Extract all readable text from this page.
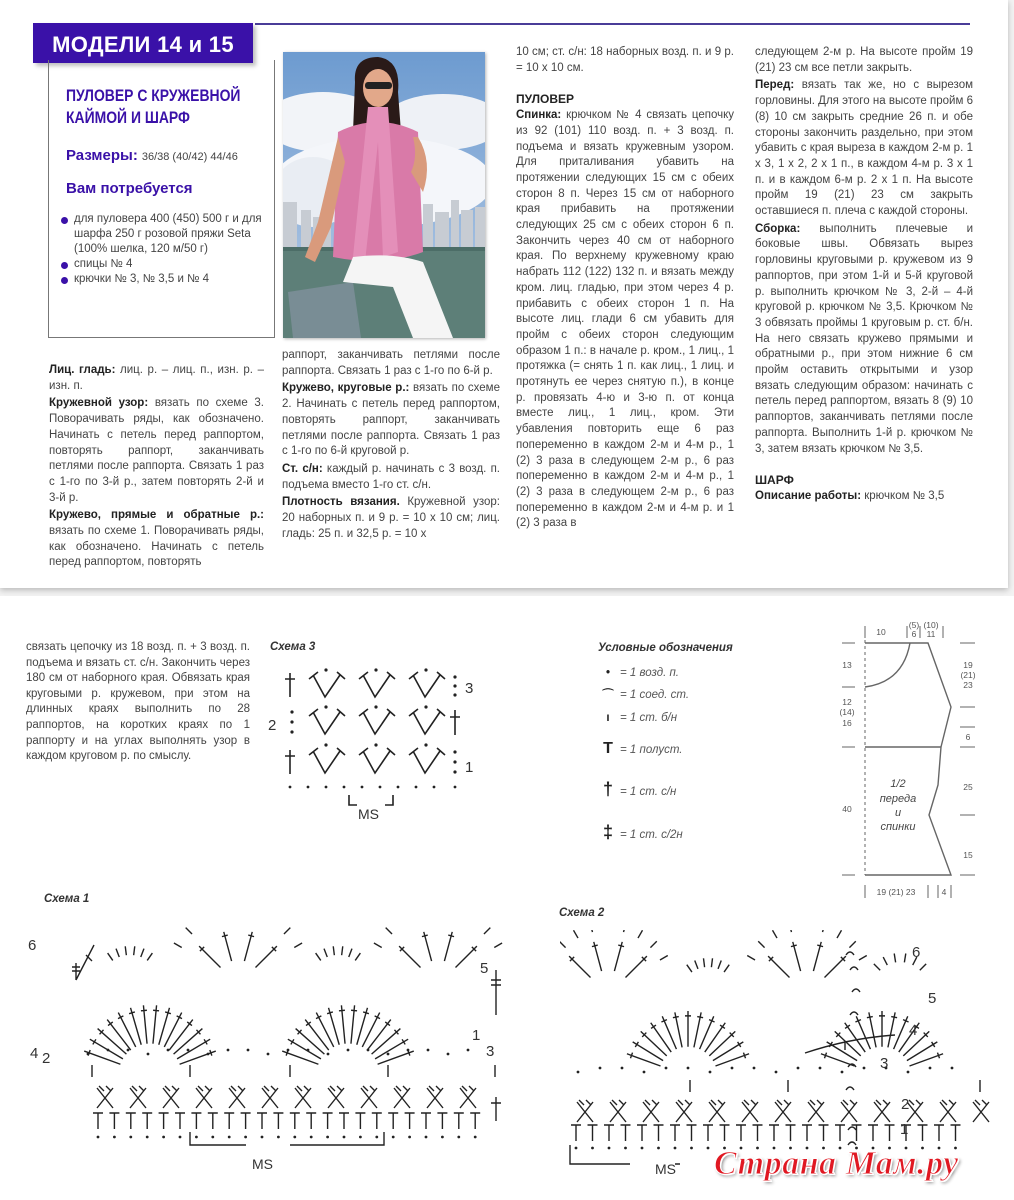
МОДЕЛИ 14 и 15
ПУЛОВЕР С КРУЖЕВНОЙ
КАЙМОЙ И ШАРФ
Размеры: 36/38 (40/42) 44/46
Вам потребуется
для пуловера 400 (450) 500 г и для шарфа 250 г розовой пряжи Seta (100% шелка, 120 м/50 г)
спицы № 4
крючки № 3, № 3,5 и № 4

Лиц. гладь: лиц. р. – лиц. п., изн. р. – изн. п.

Кружевной узор: вязать по схеме 3. Поворачивать ряды, как обозначено. Начинать с петель перед раппортом, повторять раппорт, заканчивать петлями после раппорта. Связать 1 раз с 1-го по 3-й р., затем повторять 2-й и 3-й р.

Кружево, прямые и обратные р.: вязать по схеме 1. Поворачивать ряды, как обозначено. Начинать с петель перед раппортом, повторять

раппорт, заканчивать петлями после раппорта. Связать 1 раз с 1-го по 6-й р.

Кружево, круговые р.: вязать по схеме 2. Начинать с петель перед раппортом, повторять раппорт, заканчивать петлями после раппорта. Связать 1 раз с 1-го по 6-й круговой р.

Ст. с/н: каждый р. начинать с 3 возд. п. подъема вместо 1-го ст. с/н.

Плотность вязания. Кружевной узор: 20 наборных п. и 9 р. = 10 х 10 см; лиц. гладь: 25 п. и 32,5 р. = 10 х

10 см; ст. с/н: 18 наборных возд. п. и 9 р. = 10 х 10 см.

ПУЛОВЕР

Спинка: крючком № 4 связать цепочку из 92 (101) 110 возд. п. + 3 возд. п. подъема и вязать кружевным узором. Для приталивания убавить на протяжении следующих 15 см с обеих сторон 8 п. Через 15 см от наборного края прибавить на протяжении следующих 25 см с обеих сторон 6 п. Закончить через 40 см от наборного края. По верхнему кружевному краю набрать 112 (122) 132 п. и вязать между кром. лиц. гладью, при этом через 4 р. прибавить с обеих сторон 1 п. На высоте лиц. глади 6 см убавить для пройм с обеих сторон следующим образом 1 п.: в начале р. кром., 1 лиц., 1 протяжка (= снять 1 п. как лиц., 1 лиц. и протянуть ее через снятую п.), в конце р. провязать 4-ю и 3-ю п. от конца вместе лиц., 1 лиц., кром. Эти убавления повторить еще 6 раз попеременно в каждом 2-м и 4-м р., 1 (2) 3 раза в следующем 2-м р., 6 раз попеременно в каждом 2-м и 4-м р., 1 (2) 3 раза в следующем 2-м р., 6 раз попеременно в каждом 2-м и 4-м р. и 1 (2) 3 раза в

следующем 2-м р. На высоте пройм 19 (21) 23 см все петли закрыть.

Перед: вязать так же, но с вырезом горловины. Для этого на высоте пройм 6 (8) 10 см закрыть средние 26 п. и обе стороны закончить раздельно, при этом убавить с края выреза в каждом 2-м р. 1 х 3, 1 х 2, 2 х 1 п., в каждом 4-м р. 3 х 1 п. и в каждом 6-м р. 2 х 1 п. На высоте пройм 19 (21) 23 см закрыть оставшиеся п. плеча с каждой стороны.

Сборка: выполнить плечевые и боковые швы. Обвязать вырез горловины круговыми р. кружевом из 9 раппортов, при этом 1-й и 5-й круговой р. выполнить крючком № 3, 2-й – 4-й круговой р. крючком № 3,5. Крючком № 3 обвязать проймы 1 круговым р. ст. б/н. На него связать кружево прямыми и обратными р., при этом нижние 6 см пройм оставить открытыми и узор вязать следующим образом: начинать с петель перед раппортом, вязать 8 (9) 10 раппортов, заканчивать петлями после раппорта. Выполнить 1-й р. крючком № 3, затем вязать крючком № 3,5.

ШАРФ

Описание работы: крючком № 3,5

связать цепочку из 18 возд. п. + 3 возд. п. подъема и вязать ст. с/н. Закончить через 180 см от наборного края. Обвязать края круговыми р. кружевом, при этом на длинных краях выполнить по 28 раппортов, на коротких краях по 1 раппорту и на углах выполнять узор в каждом круговом р. по смыслу.
Схема 3
3
2
1
MS
Условные обозначения
• = 1 возд. п.
⌒ = 1 соед. ст.
ı = 1 ст. б/н
T = 1 полуст.
† = 1 ст. с/н
‡ = 1 ст. с/2н
10
(5)
6
(10)
11
13
12
(14)
16
40
19
(21)
23
6
25
15
19 (21) 23	4
1/2
переда
и
спинки
Схема 1
1
2	3
4
5
6
MS
Схема 2
1
2
3
4
5
6
MS Страна Мам.ру
